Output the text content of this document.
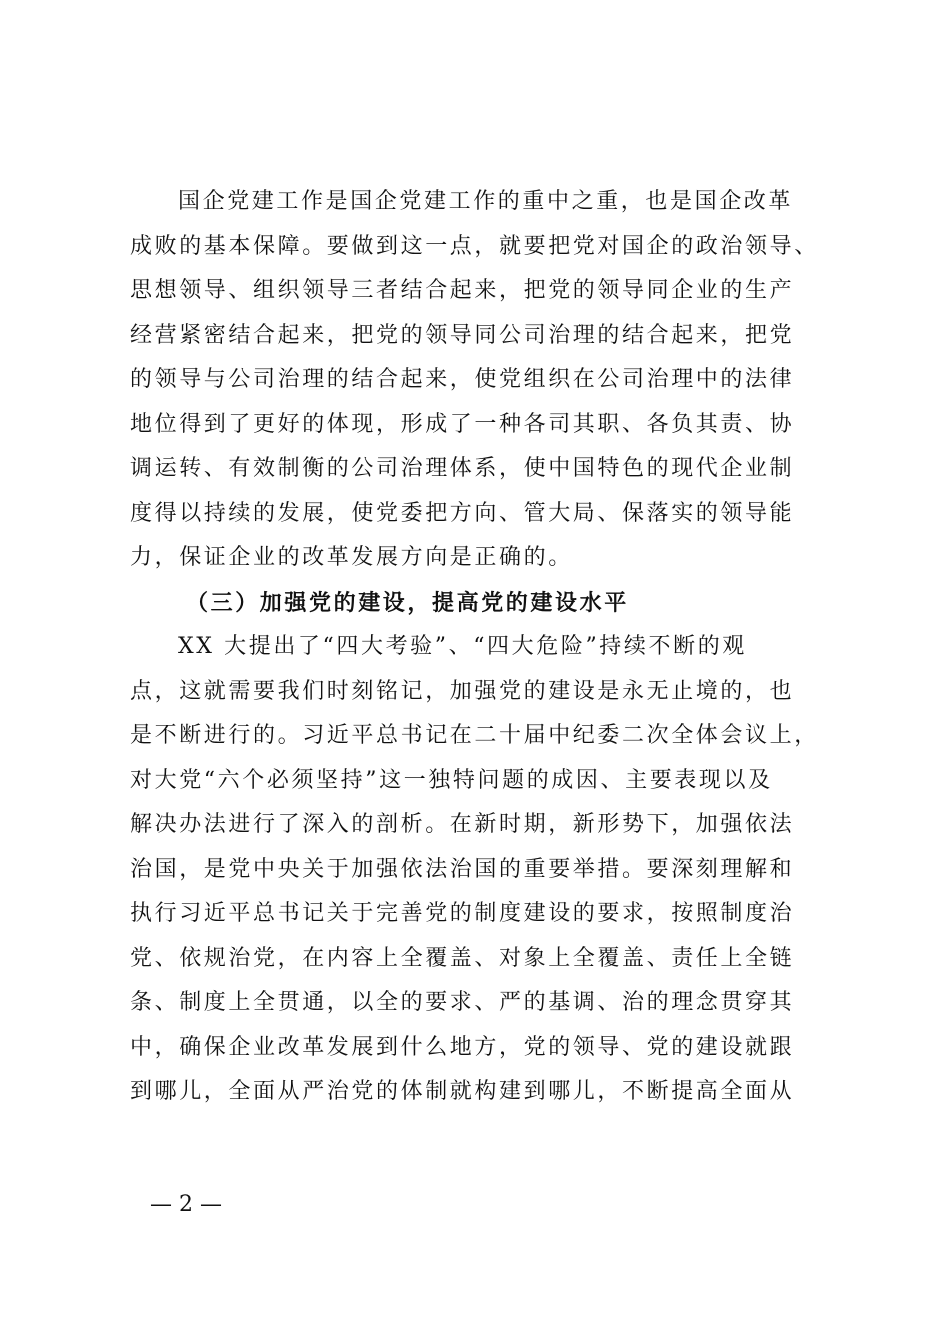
国企党建工作是国企党建工作的重中之重，也是国企改革
成败的基本保障。要做到这一点，就要把党对国企的政治领导、
思想领导、组织领导三者结合起来，把党的领导同企业的生产
经营紧密结合起来，把党的领导同公司治理的结合起来，把党
的领导与公司治理的结合起来，使党组织在公司治理中的法律
地位得到了更好的体现，形成了一种各司其职、各负其责、协
调运转、有效制衡的公司治理体系，使中国特色的现代企业制
度得以持续的发展，使党委把方向、管大局、保落实的领导能
力，保证企业的改革发展方向是正确的。
（三）加强党的建设，提高党的建设水平
XX 大提出了“四大考验”、“四大危险”持续不断的观
点，这就需要我们时刻铭记，加强党的建设是永无止境的，也
是不断进行的。习近平总书记在二十届中纪委二次全体会议上，
对大党“六个必须坚持”这一独特问题的成因、主要表现以及
解决办法进行了深入的剖析。在新时期，新形势下，加强依法
治国，是党中央关于加强依法治国的重要举措。要深刻理解和
执行习近平总书记关于完善党的制度建设的要求，按照制度治
党、依规治党，在内容上全覆盖、对象上全覆盖、责任上全链
条、制度上全贯通，以全的要求、严的基调、治的理念贯穿其
中，确保企业改革发展到什么地方，党的领导、党的建设就跟
到哪儿，全面从严治党的体制就构建到哪儿，不断提高全面从
— 2 —
